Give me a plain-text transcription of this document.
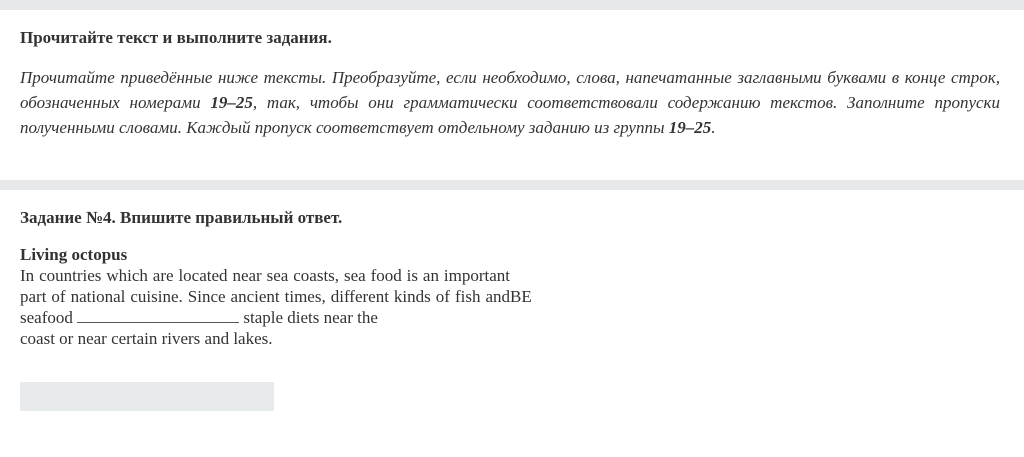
Прочитайте текст и выполните задания.

Прочитайте приведённые ниже тексты. Преобразуйте, если необходимо, слова, напечатанные заглавными буквами в конце строк, обозначенных номерами 19–25, так, чтобы они грамматически соответствовали содержанию текстов. Заполните пропуски полученными словами. Каждый пропуск соответствует отдельному заданию из группы 19–25.

Задание №4. Впишите правильный ответ.

Living octopus

In countries which are located near sea coasts, sea food is an important part of national cuisine. Since ancient times, different kinds of fish and seafood	staple diets near the

BE

coast or near certain rivers and lakes.
